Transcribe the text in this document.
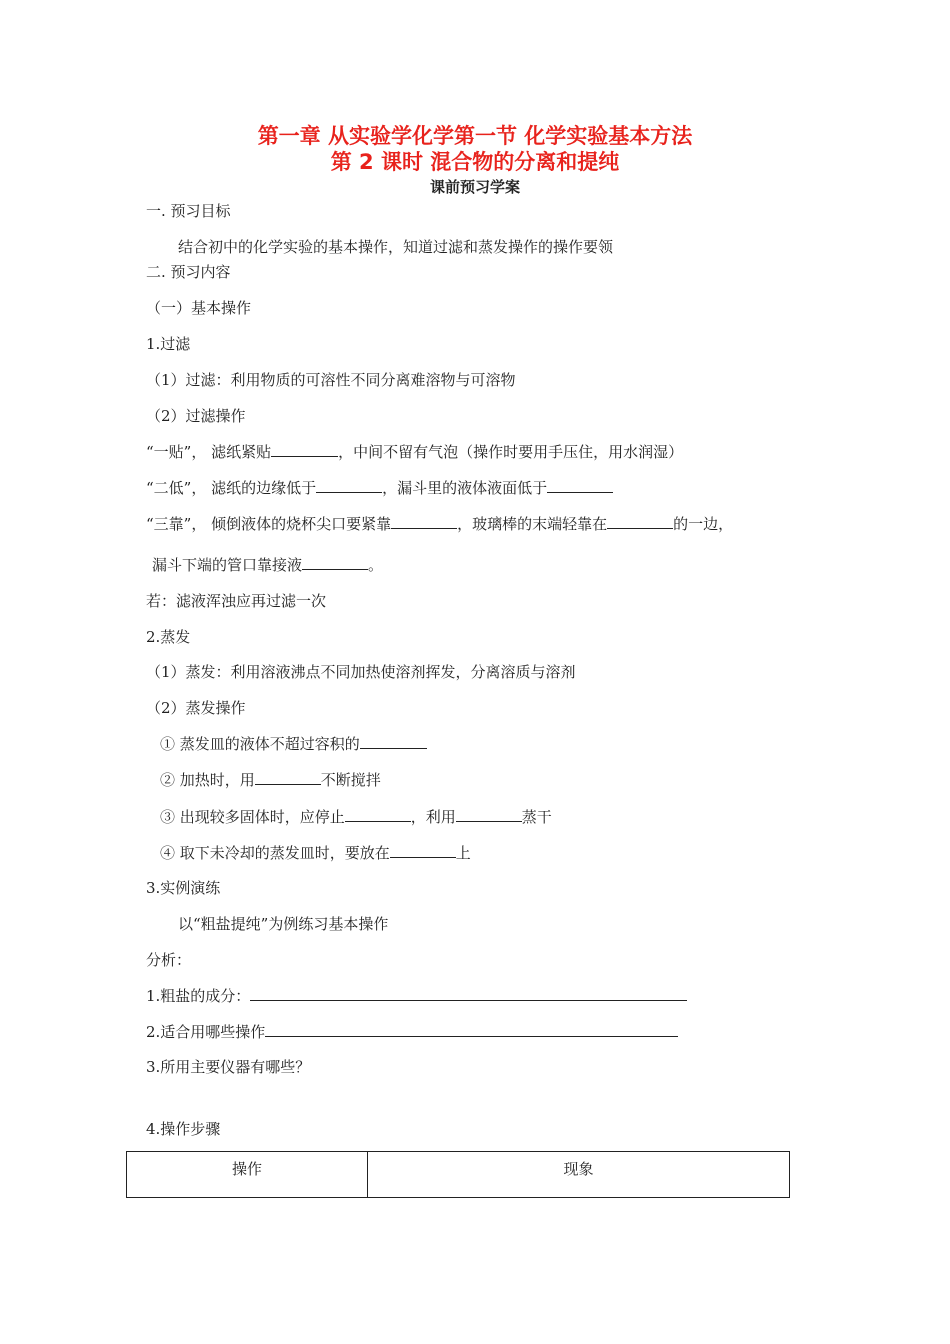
第一章 从实验学化学第一节 化学实验基本方法
第 2 课时 混合物的分离和提纯
课前预习学案
一. 预习目标
结合初中的化学实验的基本操作，知道过滤和蒸发操作的操作要领
二. 预习内容
（一）基本操作
1.过滤
（1）过滤：利用物质的可溶性不同分离难溶物与可溶物
（2）过滤操作
“一贴”， 滤纸紧贴	，中间不留有气泡（操作时要用手压住，用水润湿）
“二低”， 滤纸的边缘低于	，漏斗里的液体液面低于
“三靠”， 倾倒液体的烧杯尖口要紧靠	，玻璃棒的末端轻靠在	的一边，
漏斗下端的管口靠接液	。
若：滤液浑浊应再过滤一次
2.蒸发
（1）蒸发：利用溶液沸点不同加热使溶剂挥发，分离溶质与溶剂
（2）蒸发操作
① 蒸发皿的液体不超过容积的
② 加热时，用	不断搅拌
③ 出现较多固体时，应停止	，利用	蒸干
④ 取下未冷却的蒸发皿时，要放在	上
3.实例演练
以“粗盐提纯”为例练习基本操作
分析：
1.粗盐的成分：
2.适合用哪些操作
3.所用主要仪器有哪些？
4.操作步骤
操作	现象
